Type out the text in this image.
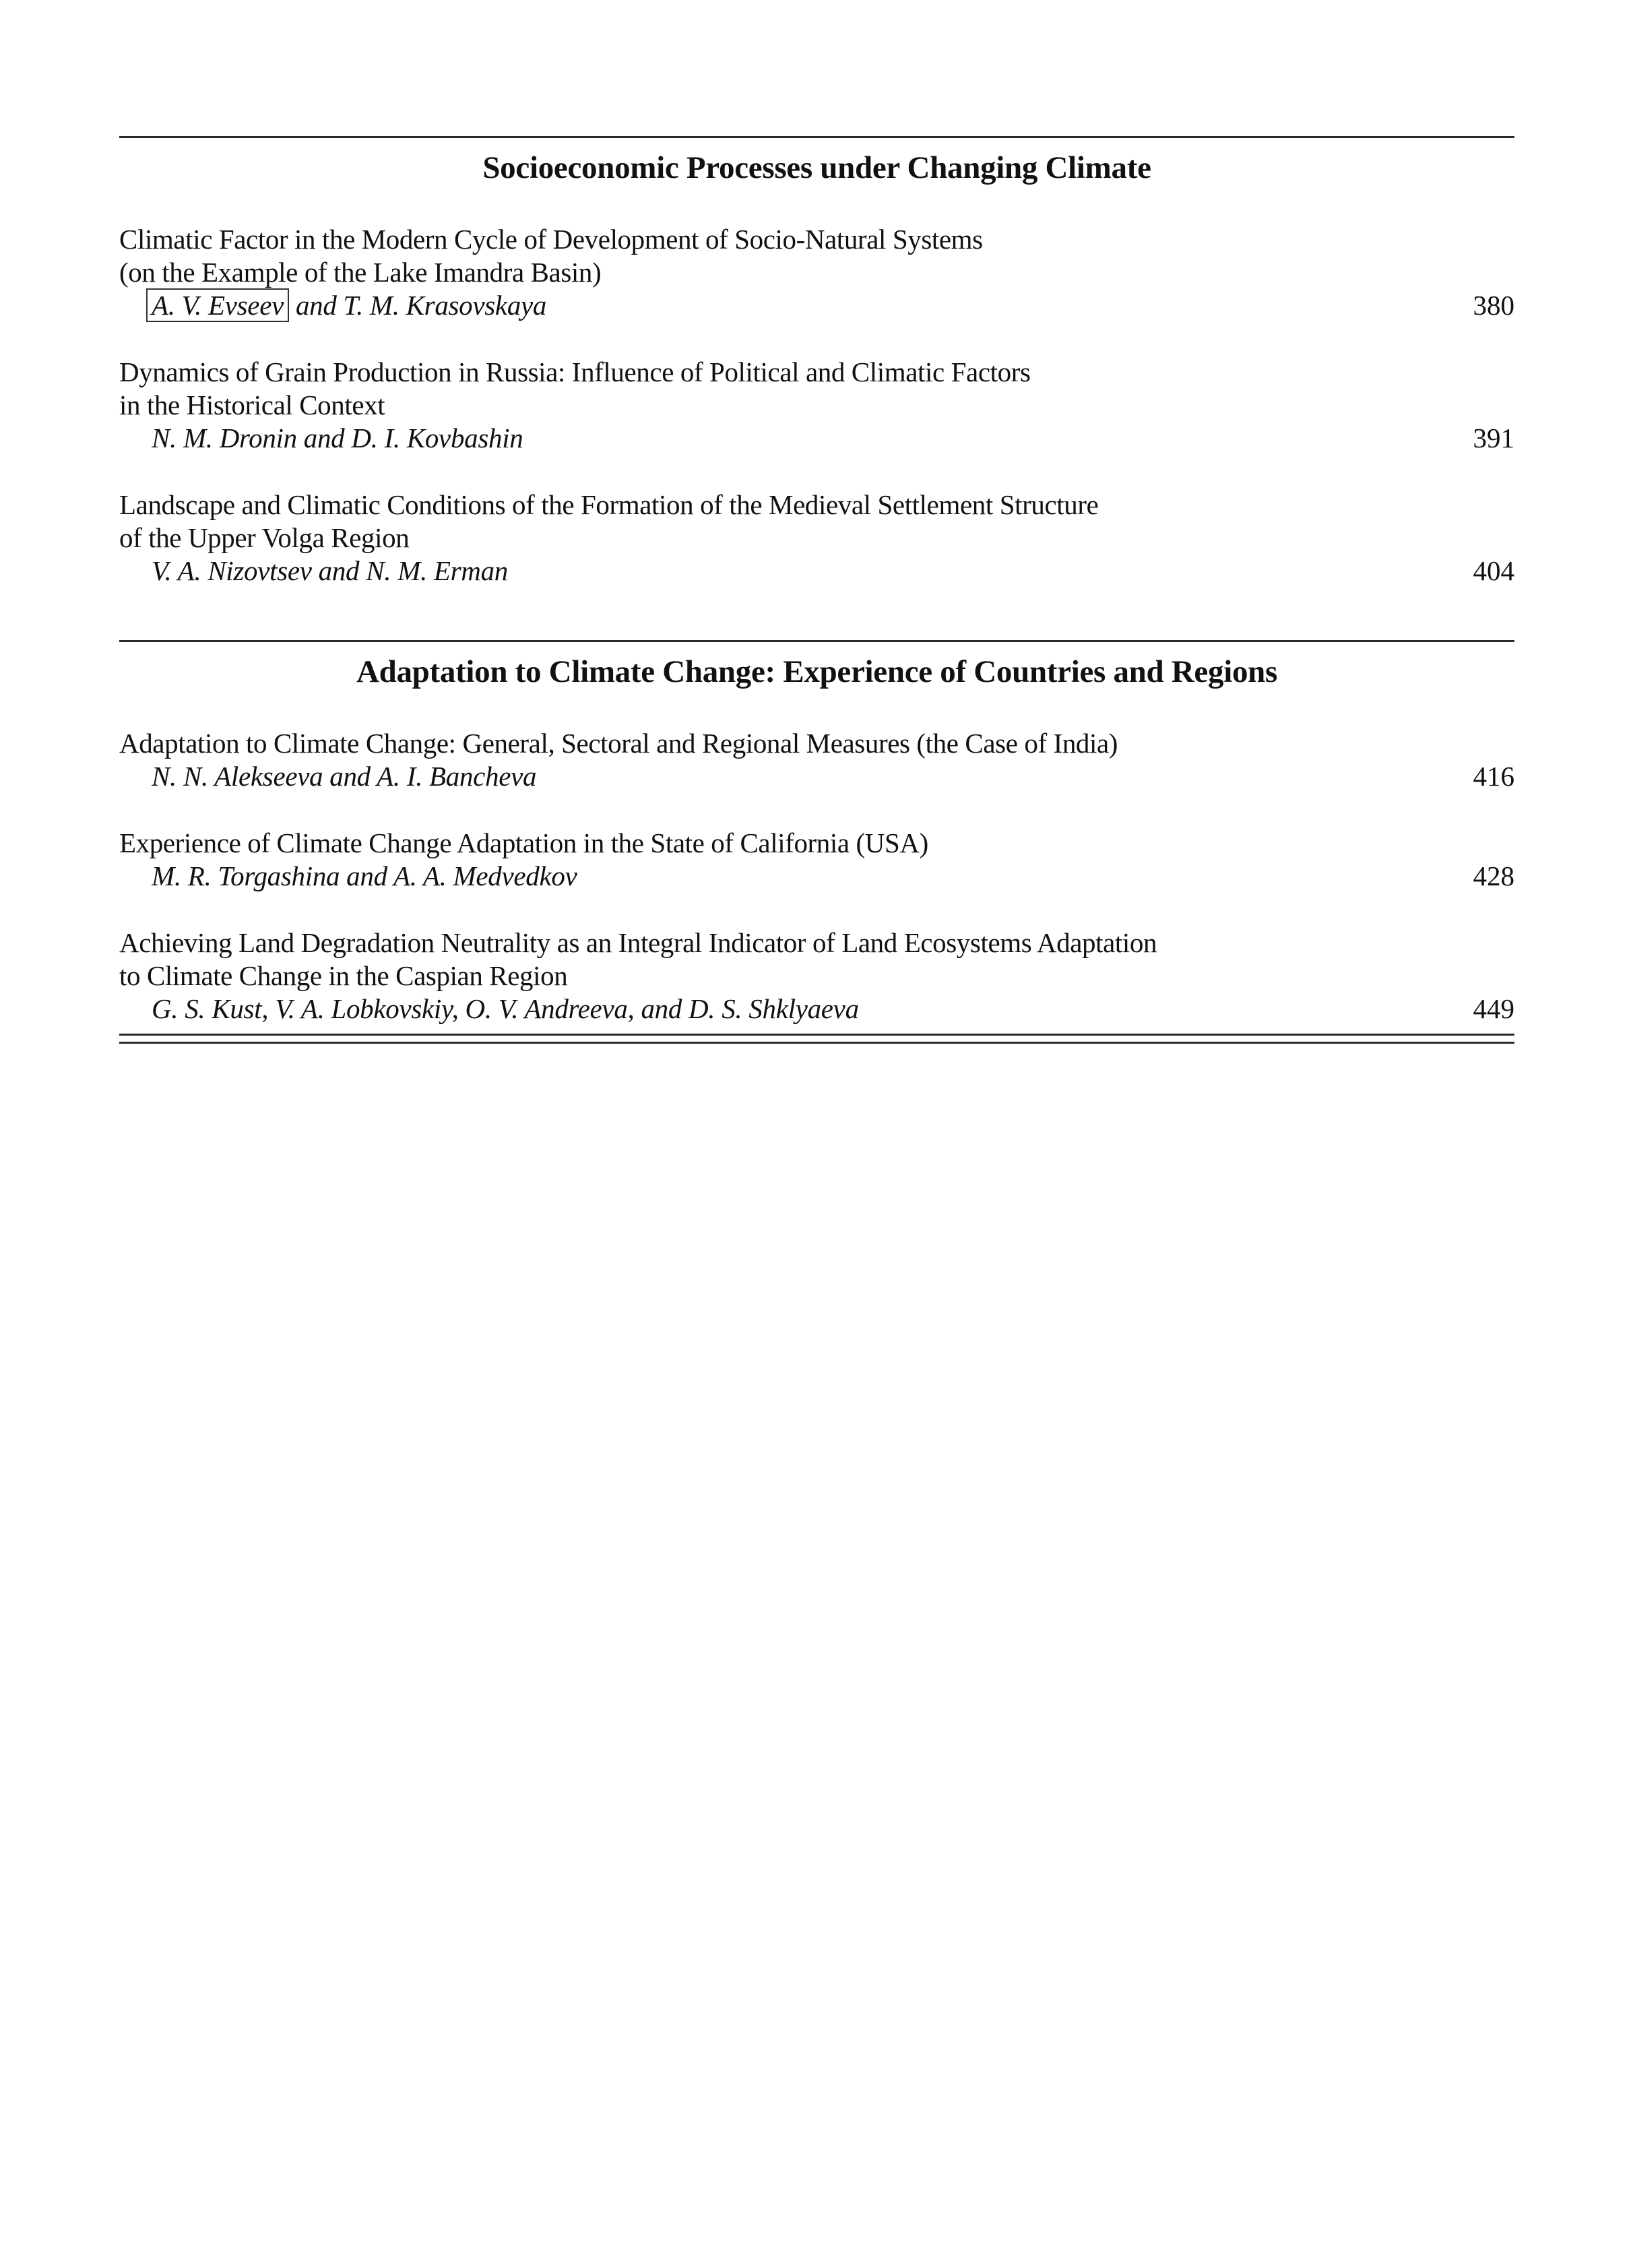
Socioeconomic Processes under Changing Climate
Climatic Factor in the Modern Cycle of Development of Socio-Natural Systems
(on the Example of the Lake Imandra Basin)
A. V. Evseev and T. M. Krasovskaya	380
Dynamics of Grain Production in Russia: Influence of Political and Climatic Factors
in the Historical Context
N. M. Dronin and D. I. Kovbashin	391
Landscape and Climatic Conditions of the Formation of the Medieval Settlement Structure
of the Upper Volga Region
V. A. Nizovtsev and N. M. Erman	404
Adaptation to Climate Change: Experience of Countries and Regions
Adaptation to Climate Change: General, Sectoral and Regional Measures (the Case of India)
N. N. Alekseeva and A. I. Bancheva	416
Experience of Climate Change Adaptation in the State of California (USA)
M. R. Torgashina and A. A. Medvedkov	428
Achieving Land Degradation Neutrality as an Integral Indicator of Land Ecosystems Adaptation
to Climate Change in the Caspian Region
G. S. Kust, V. A. Lobkovskiy, O. V. Andreeva, and D. S. Shklyaeva	449
